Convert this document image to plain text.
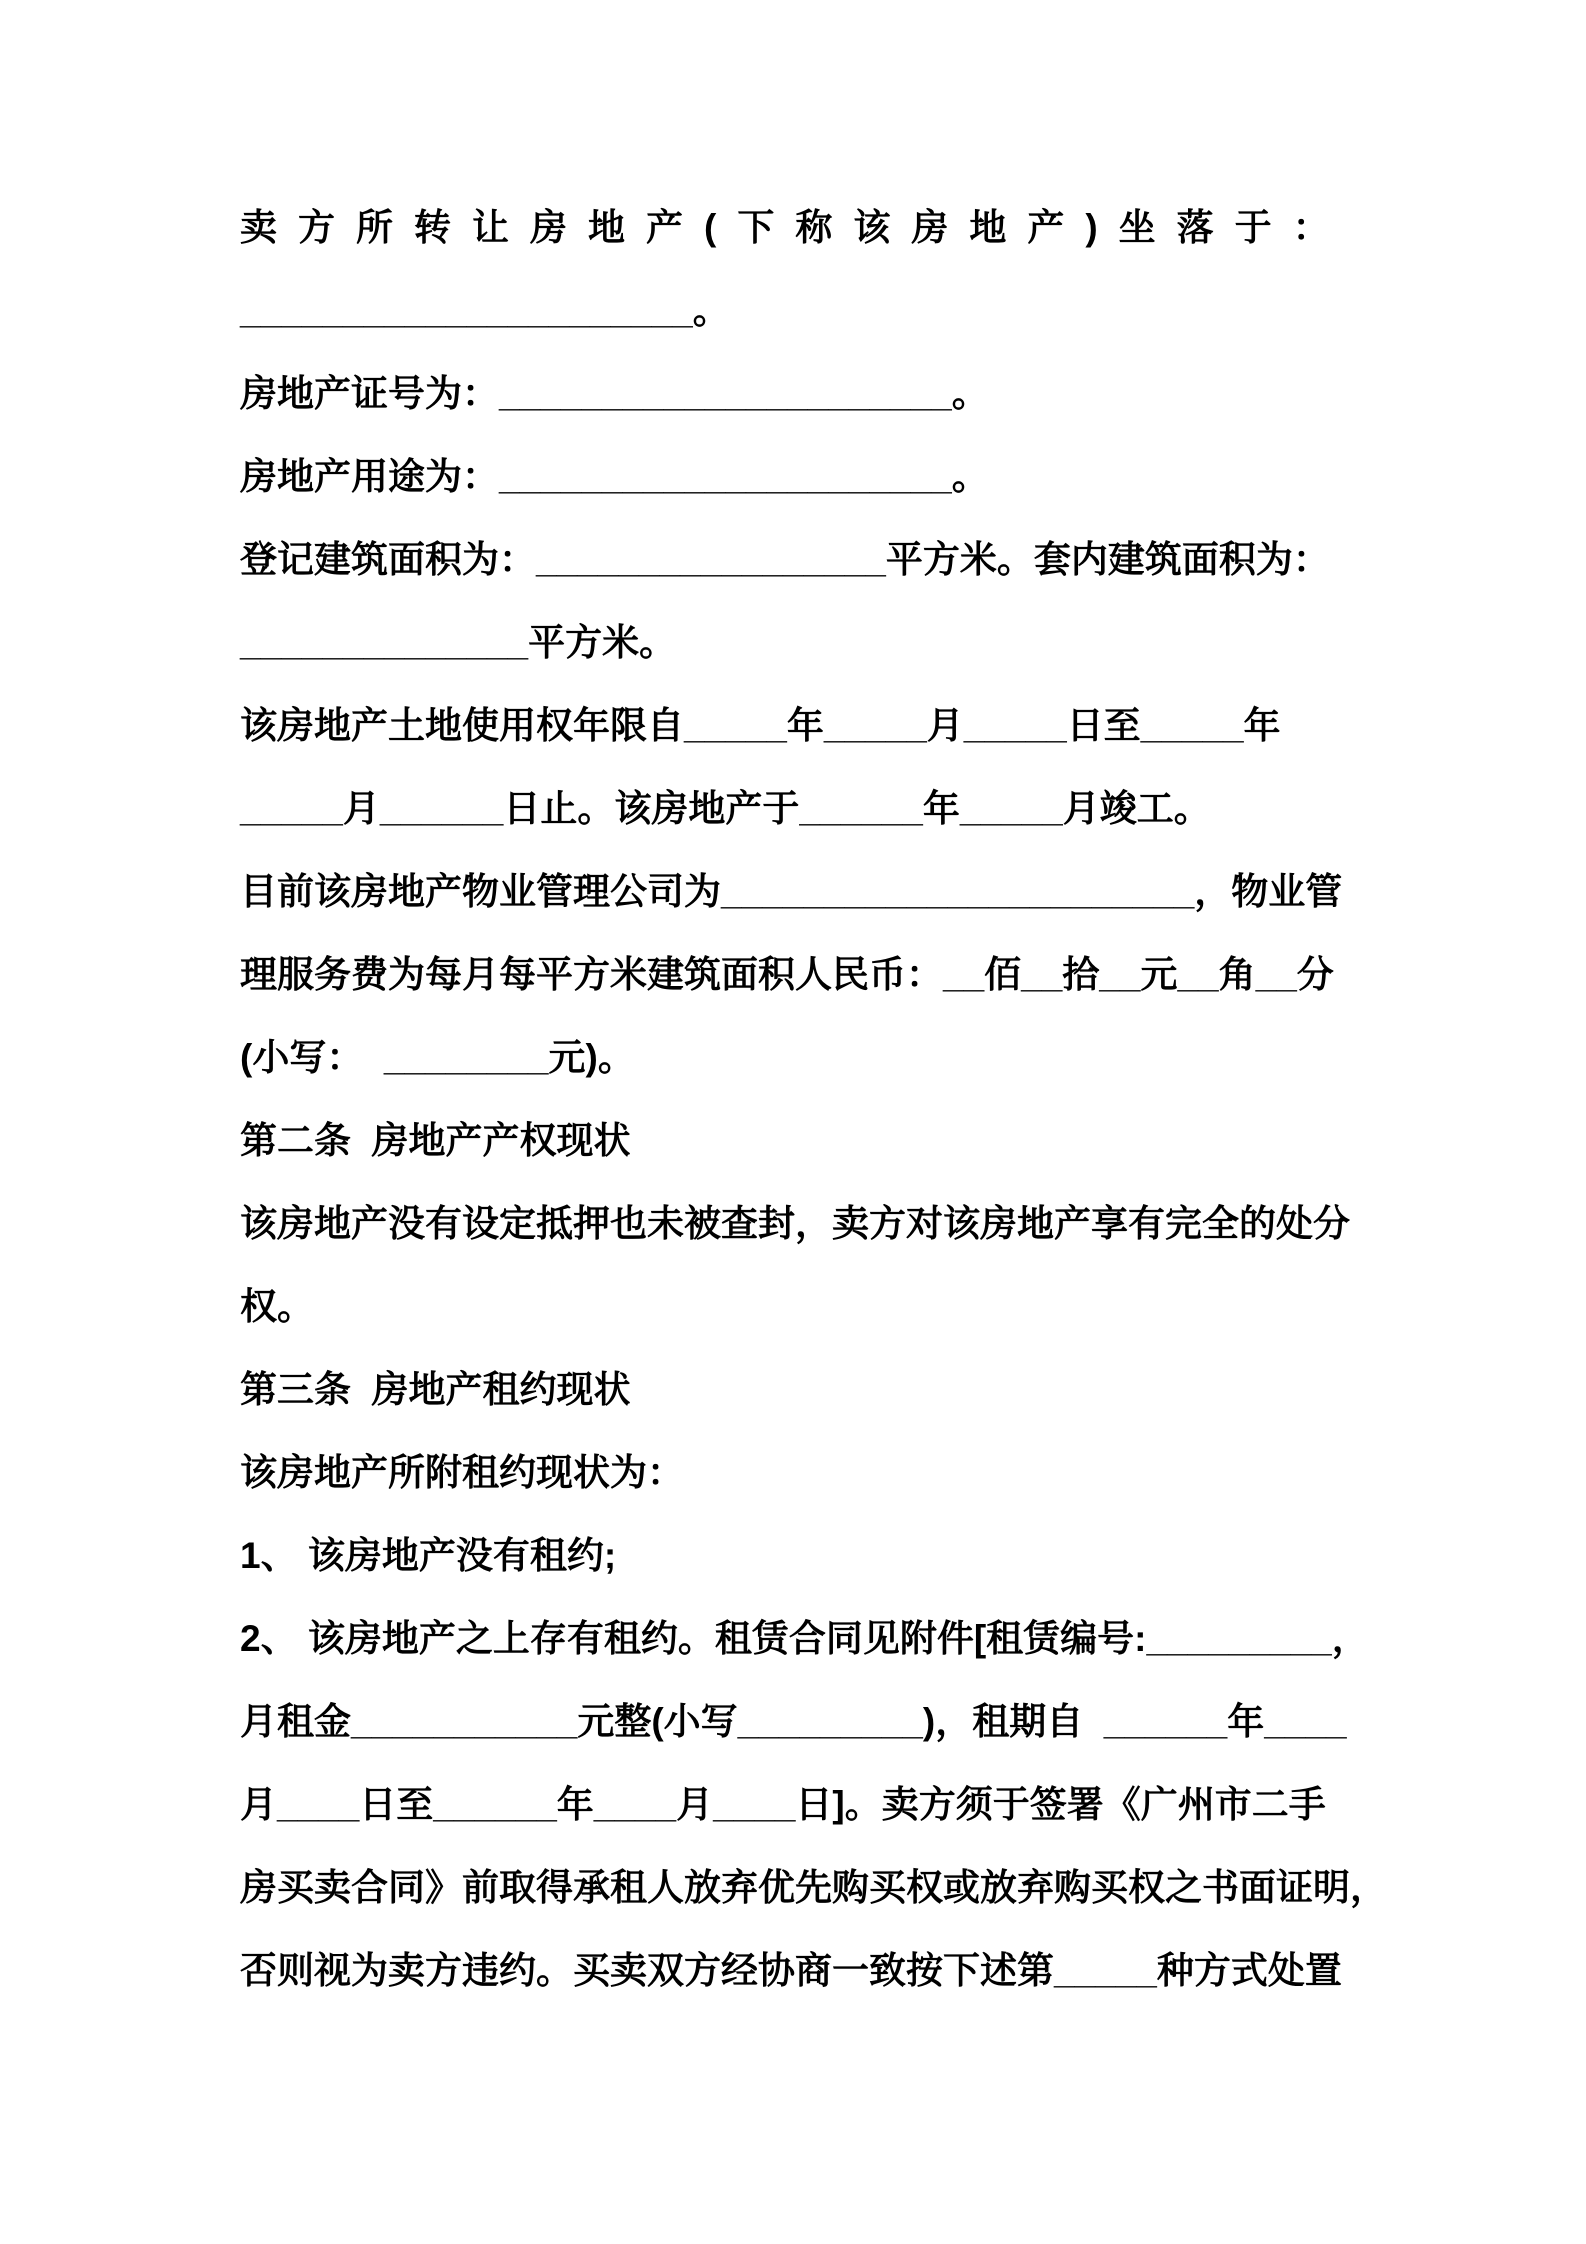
卖方所转让房地产(下称该房地产)坐落于：
______________________。
房地产证号为：______________________。
房地产用途为：______________________。
登记建筑面积为：_________________平方米。套内建筑面积为：
______________平方米。
该房地产土地使用权年限自_____年_____月_____日至_____年
_____月______日止。该房地产于______年_____月竣工。
目前该房地产物业管理公司为_______________________，物业管
理服务费为每月每平方米建筑面积人民币：__佰__拾__元__角__分
(小写：  ________元)。
第二条  房地产产权现状
该房地产没有设定抵押也未被查封，卖方对该房地产享有完全的处分
权。
第三条  房地产租约现状
该房地产所附租约现状为：
1、 该房地产没有租约;
2、 该房地产之上存有租约。租赁合同见附件[租赁编号:_________，
月租金___________元整(小写_________)，租期自  ______年____
月____日至______年____月____日]。卖方须于签署《广州市二手
房买卖合同》前取得承租人放弃优先购买权或放弃购买权之书面证明，
否则视为卖方违约。买卖双方经协商一致按下述第_____种方式处置
